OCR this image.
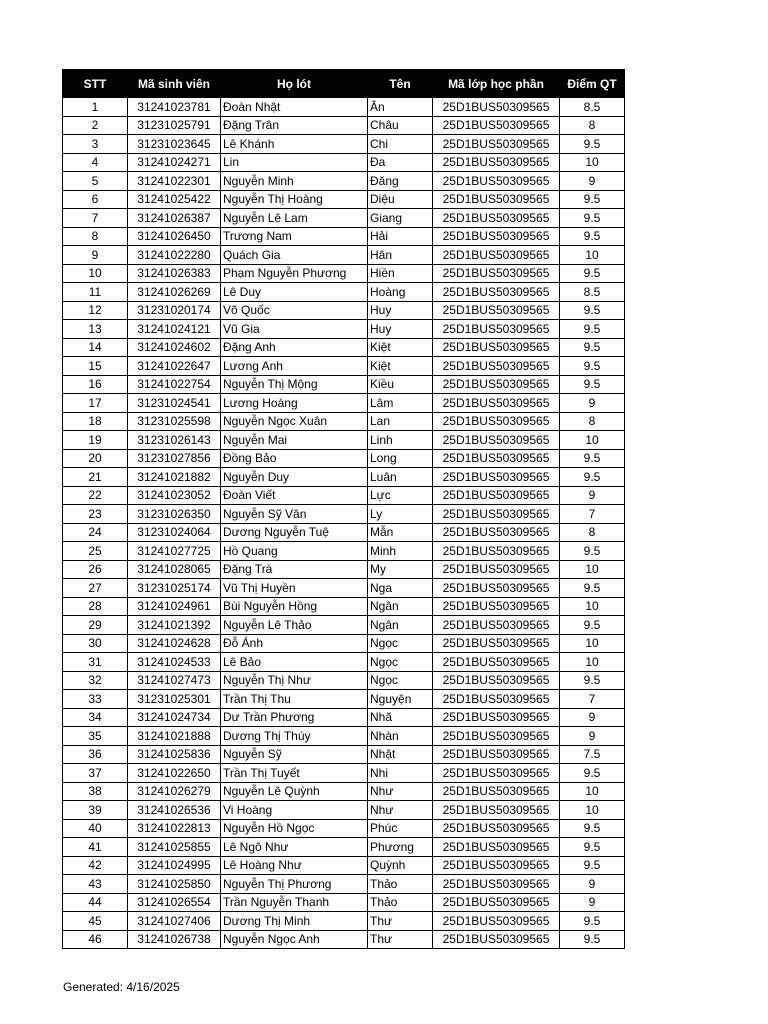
STT	Mã sinh viên	Họ lót	Tên	Mã lớp học phần	Điểm QT
1	31241023781	Đoàn Nhật	Ân	25D1BUS50309565	8.5
2	31231025791	Đặng Trân	Châu	25D1BUS50309565	8
3	31231023645	Lê Khánh	Chi	25D1BUS50309565	9.5
4	31241024271	Lin	Đa	25D1BUS50309565	10
5	31241022301	Nguyễn Minh	Đăng	25D1BUS50309565	9
6	31241025422	Nguyễn Thị Hoàng	Diệu	25D1BUS50309565	9.5
7	31241026387	Nguyễn Lê Lam	Giang	25D1BUS50309565	9.5
8	31241026450	Trương Nam	Hải	25D1BUS50309565	9.5
9	31241022280	Quách Gia	Hân	25D1BUS50309565	10
10	31241026383	Phạm Nguyễn Phương	Hiền	25D1BUS50309565	9.5
11	31241026269	Lê Duy	Hoàng	25D1BUS50309565	8.5
12	31231020174	Võ Quốc	Huy	25D1BUS50309565	9.5
13	31241024121	Vũ Gia	Huy	25D1BUS50309565	9.5
14	31241024602	Đặng Anh	Kiệt	25D1BUS50309565	9.5
15	31241022647	Lương Anh	Kiệt	25D1BUS50309565	9.5
16	31241022754	Nguyễn Thị Mộng	Kiều	25D1BUS50309565	9.5
17	31231024541	Lương Hoàng	Lâm	25D1BUS50309565	9
18	31231025598	Nguyễn Ngọc Xuân	Lan	25D1BUS50309565	8
19	31231026143	Nguyễn Mai	Linh	25D1BUS50309565	10
20	31231027856	Đồng Bảo	Long	25D1BUS50309565	9.5
21	31241021882	Nguyễn Duy	Luân	25D1BUS50309565	9.5
22	31241023052	Đoàn Viết	Lực	25D1BUS50309565	9
23	31231026350	Nguyễn Sỹ Vân	Ly	25D1BUS50309565	7
24	31231024064	Dương Nguyễn Tuệ	Mẫn	25D1BUS50309565	8
25	31241027725	Hồ Quang	Minh	25D1BUS50309565	9.5
26	31241028065	Đặng Trà	My	25D1BUS50309565	10
27	31231025174	Vũ Thị Huyền	Nga	25D1BUS50309565	9.5
28	31241024961	Bùi Nguyễn Hồng	Ngân	25D1BUS50309565	10
29	31241021392	Nguyễn Lê Thảo	Ngân	25D1BUS50309565	9.5
30	31241024628	Đỗ Ánh	Ngọc	25D1BUS50309565	10
31	31241024533	Lê Bảo	Ngọc	25D1BUS50309565	10
32	31241027473	Nguyễn Thị Như	Ngọc	25D1BUS50309565	9.5
33	31231025301	Trần Thị Thu	Nguyện	25D1BUS50309565	7
34	31241024734	Dư Trần Phương	Nhã	25D1BUS50309565	9
35	31241021888	Dương Thị Thúy	Nhàn	25D1BUS50309565	9
36	31241025836	Nguyễn Sỹ	Nhật	25D1BUS50309565	7.5
37	31241022650	Trần Thị Tuyết	Nhi	25D1BUS50309565	9.5
38	31241026279	Nguyễn Lê Quỳnh	Như	25D1BUS50309565	10
39	31241026536	Vi Hoàng	Như	25D1BUS50309565	10
40	31241022813	Nguyễn Hồ Ngọc	Phúc	25D1BUS50309565	9.5
41	31241025855	Lê Ngô Như	Phương	25D1BUS50309565	9.5
42	31241024995	Lê Hoàng Như	Quỳnh	25D1BUS50309565	9.5
43	31241025850	Nguyễn Thị Phương	Thảo	25D1BUS50309565	9
44	31241026554	Trần Nguyễn Thanh	Thảo	25D1BUS50309565	9
45	31241027406	Dương Thị Minh	Thư	25D1BUS50309565	9.5
46	31241026738	Nguyễn Ngọc Anh	Thư	25D1BUS50309565	9.5
Generated: 4/16/2025
